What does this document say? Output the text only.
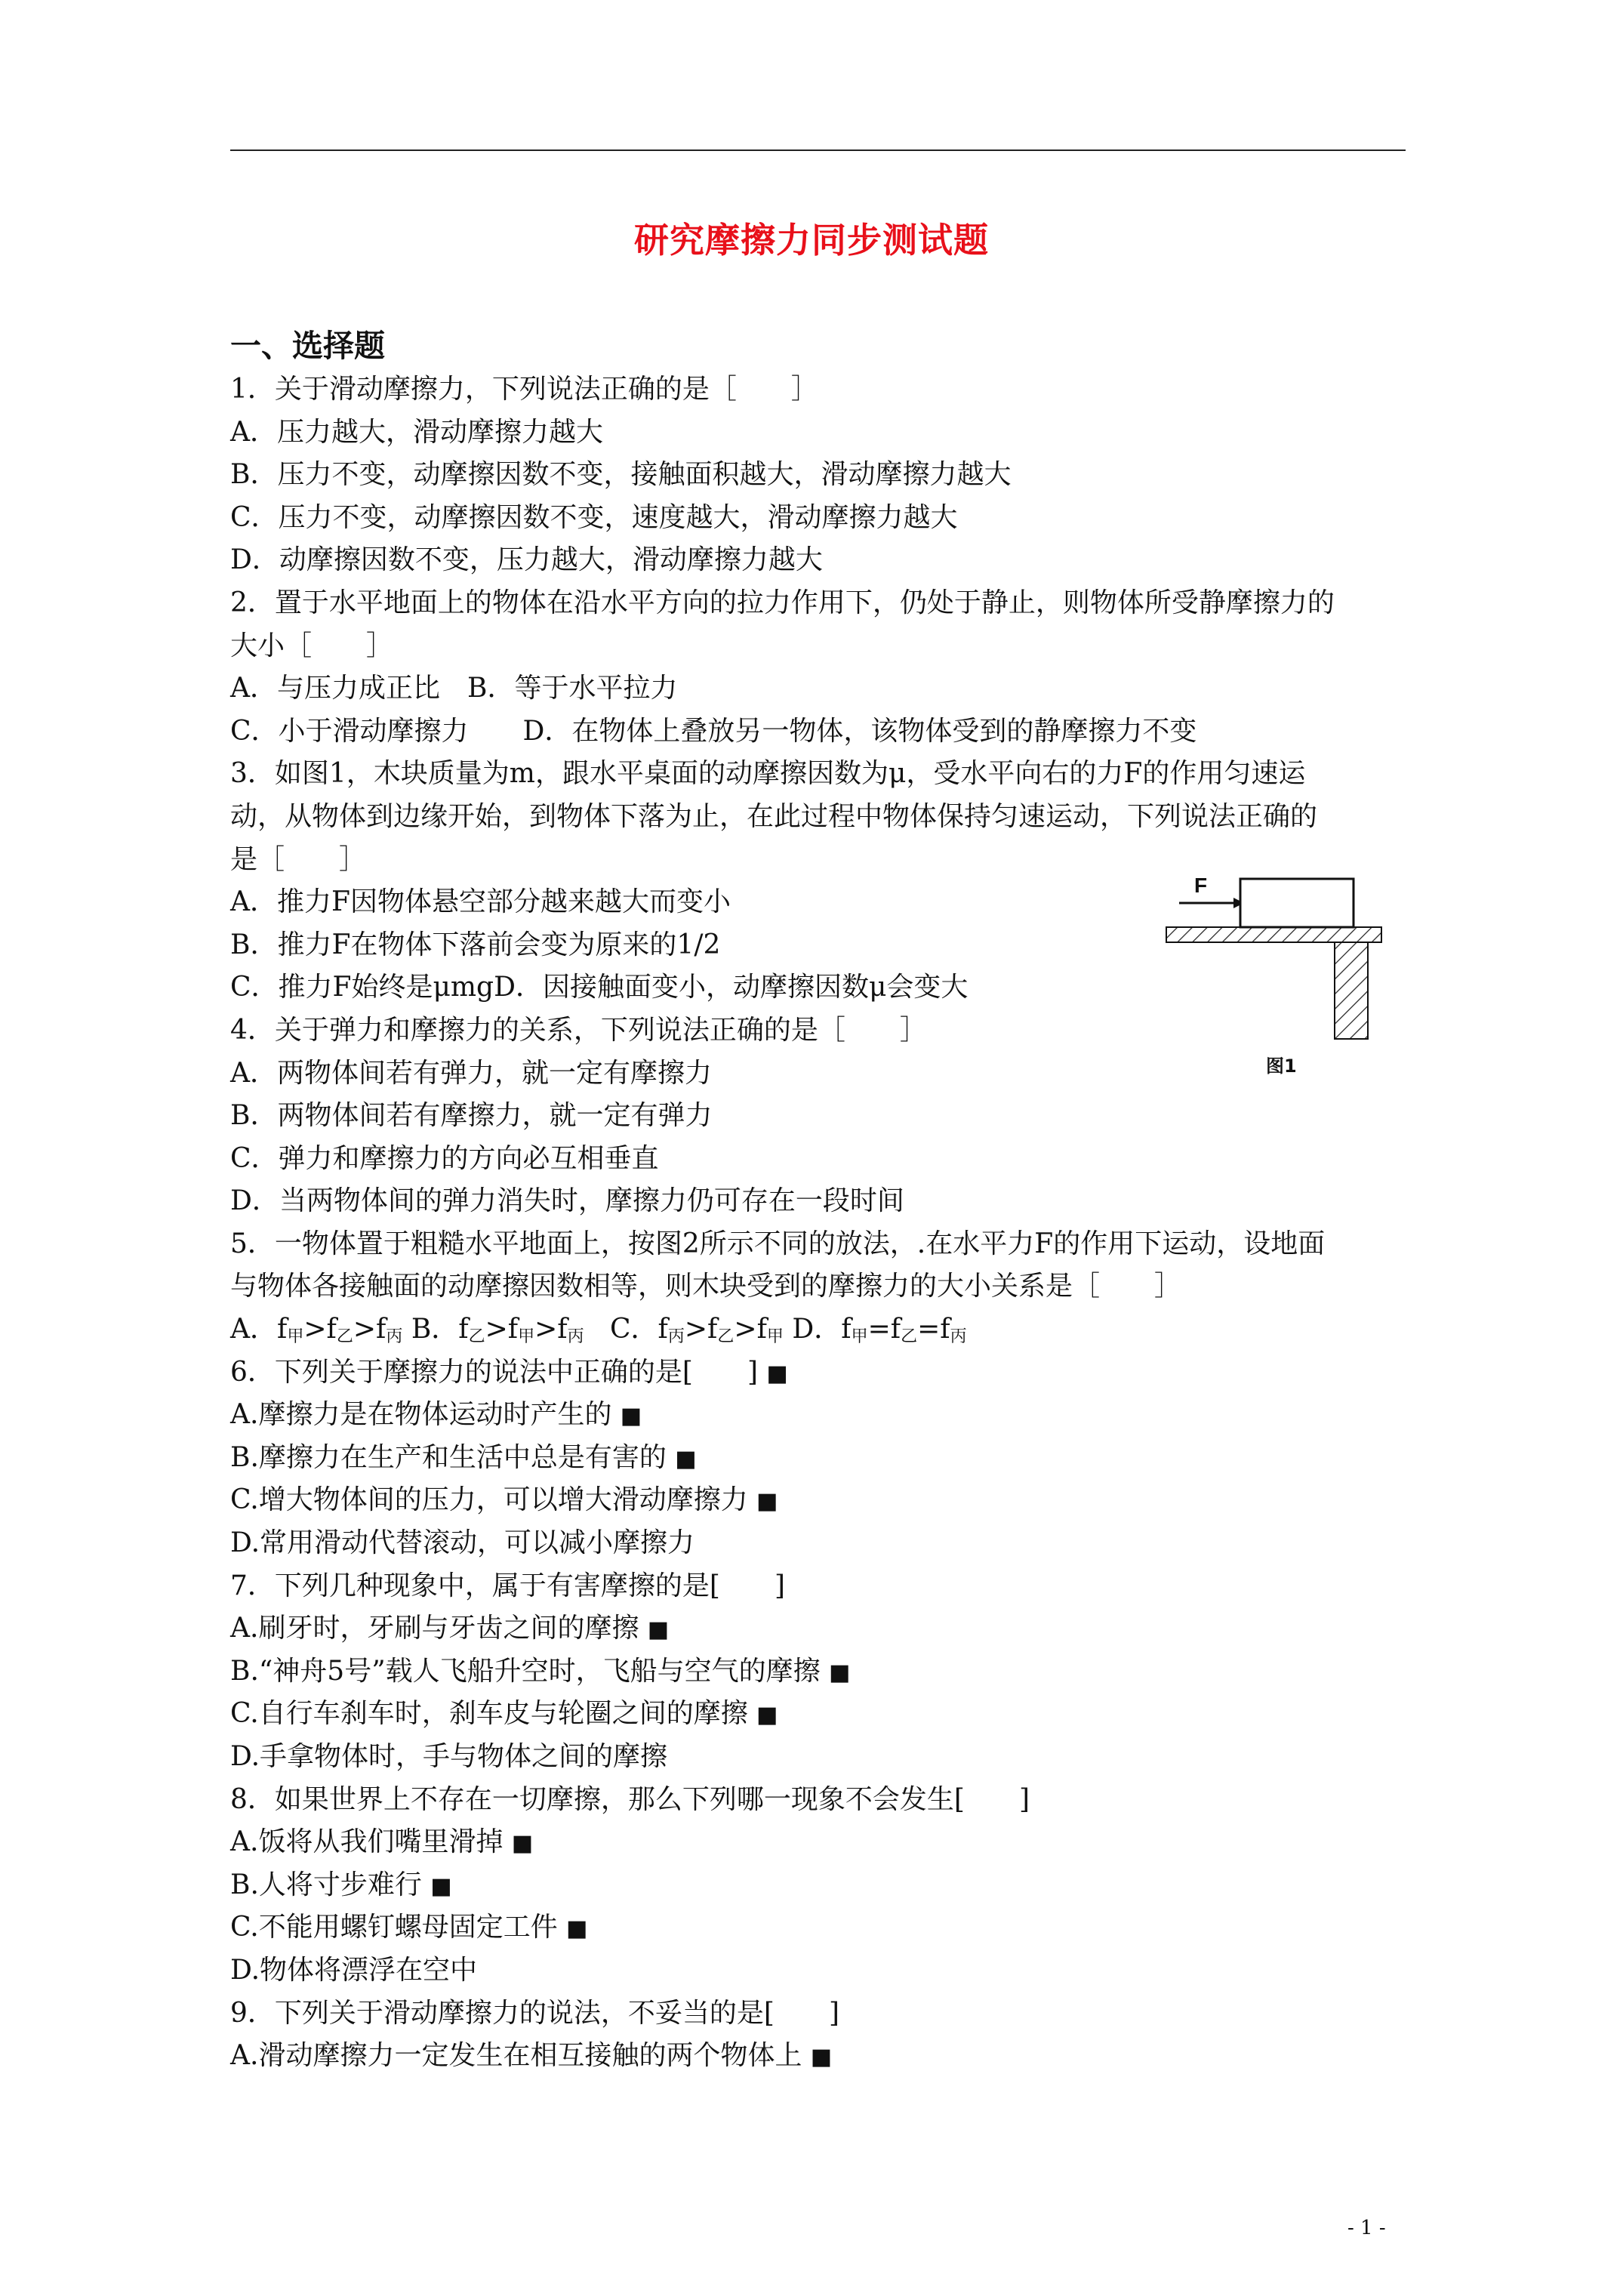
研究摩擦力同步测试题
一、选择题
1．关于滑动摩擦力，下列说法正确的是［　　］
A．压力越大，滑动摩擦力越大
B．压力不变，动摩擦因数不变，接触面积越大，滑动摩擦力越大
C．压力不变，动摩擦因数不变，速度越大，滑动摩擦力越大
D．动摩擦因数不变，压力越大，滑动摩擦力越大
2．置于水平地面上的物体在沿水平方向的拉力作用下，仍处于静止，则物体所受静摩擦力的
大小［　　］
A．与压力成正比　B．等于水平拉力
C．小于滑动摩擦力　　D．在物体上叠放另一物体，该物体受到的静摩擦力不变
3．如图1，木块质量为m，跟水平桌面的动摩擦因数为μ，受水平向右的力F的作用匀速运
动，从物体到边缘开始，到物体下落为止，在此过程中物体保持匀速运动，下列说法正确的
是［　　］
A．推力F因物体悬空部分越来越大而变小
B．推力F在物体下落前会变为原来的1/2
C．推力F始终是μmgD．因接触面变小，动摩擦因数μ会变大
4．关于弹力和摩擦力的关系，下列说法正确的是［　　］
A．两物体间若有弹力，就一定有摩擦力
B．两物体间若有摩擦力，就一定有弹力
C．弹力和摩擦力的方向必互相垂直
D．当两物体间的弹力消失时，摩擦力仍可存在一段时间
5．一物体置于粗糙水平地面上，按图2所示不同的放法，.在水平力F的作用下运动，设地面
与物体各接触面的动摩擦因数相等，则木块受到的摩擦力的大小关系是［　　］
A．$f_甲>f_乙>f_丙$ B．$f_乙>f_甲>f_丙$ C．$f_丙>f_乙>f_甲$ D．$f_甲=f_乙=f_丙$
6．下列关于摩擦力的说法中正确的是[　　] ■
A.摩擦力是在物体运动时产生的 ■
B.摩擦力在生产和生活中总是有害的 ■
C.增大物体间的压力，可以增大滑动摩擦力 ■
D.常用滑动代替滚动，可以减小摩擦力
7．下列几种现象中，属于有害摩擦的是[　　]
A.刷牙时，牙刷与牙齿之间的摩擦 ■
B.“神舟5号”载人飞船升空时，飞船与空气的摩擦 ■
C.自行车刹车时，刹车皮与轮圈之间的摩擦 ■
D.手拿物体时，手与物体之间的摩擦
8．如果世界上不存在一切摩擦，那么下列哪一现象不会发生[　　]
A.饭将从我们嘴里滑掉 ■
B.人将寸步难行 ■
C.不能用螺钉螺母固定工件 ■
D.物体将漂浮在空中
9．下列关于滑动摩擦力的说法，不妥当的是[　　]
A.滑动摩擦力一定发生在相互接触的两个物体上 ■
F
图1
- 1 -
